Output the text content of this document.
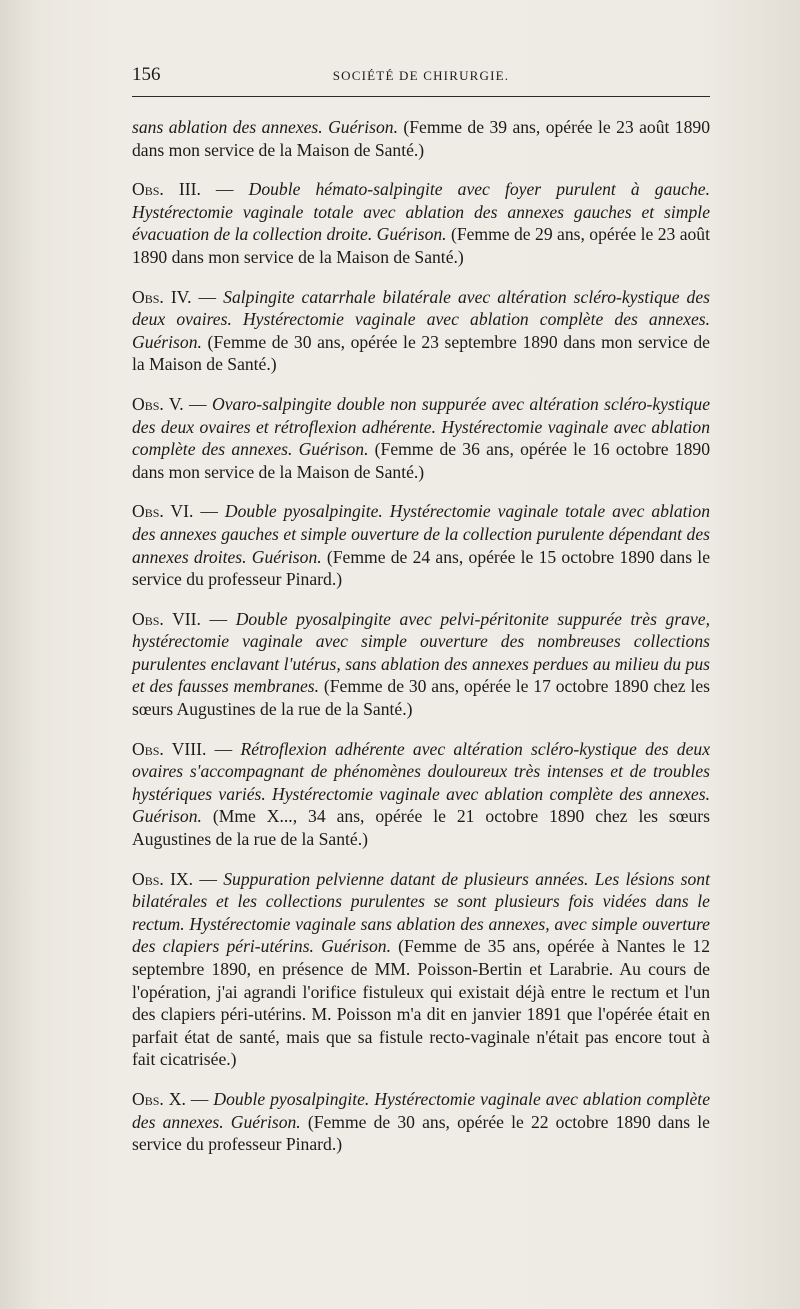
156	SOCIÉTÉ DE CHIRURGIE.

sans ablation des annexes. Guérison. (Femme de 39 ans, opérée le 23 août 1890 dans mon service de la Maison de Santé.)

Obs. III. — Double hémato-salpingite avec foyer purulent à gauche. Hystérectomie vaginale totale avec ablation des annexes gauches et simple évacuation de la collection droite. Guérison. (Femme de 29 ans, opérée le 23 août 1890 dans mon service de la Maison de Santé.)

Obs. IV. — Salpingite catarrhale bilatérale avec altération scléro-kystique des deux ovaires. Hystérectomie vaginale avec ablation complète des annexes. Guérison. (Femme de 30 ans, opérée le 23 septembre 1890 dans mon service de la Maison de Santé.)

Obs. V. — Ovaro-salpingite double non suppurée avec altération scléro-kystique des deux ovaires et rétroflexion adhérente. Hystérectomie vaginale avec ablation complète des annexes. Guérison. (Femme de 36 ans, opérée le 16 octobre 1890 dans mon service de la Maison de Santé.)

Obs. VI. — Double pyosalpingite. Hystérectomie vaginale totale avec ablation des annexes gauches et simple ouverture de la collection purulente dépendant des annexes droites. Guérison. (Femme de 24 ans, opérée le 15 octobre 1890 dans le service du professeur Pinard.)

Obs. VII. — Double pyosalpingite avec pelvi-péritonite suppurée très grave, hystérectomie vaginale avec simple ouverture des nombreuses collections purulentes enclavant l'utérus, sans ablation des annexes perdues au milieu du pus et des fausses membranes. (Femme de 30 ans, opérée le 17 octobre 1890 chez les sœurs Augustines de la rue de la Santé.)

Obs. VIII. — Rétroflexion adhérente avec altération scléro-kystique des deux ovaires s'accompagnant de phénomènes douloureux très intenses et de troubles hystériques variés. Hystérectomie vaginale avec ablation complète des annexes. Guérison. (Mme X..., 34 ans, opérée le 21 octobre 1890 chez les sœurs Augustines de la rue de la Santé.)

Obs. IX. — Suppuration pelvienne datant de plusieurs années. Les lésions sont bilatérales et les collections purulentes se sont plusieurs fois vidées dans le rectum. Hystérectomie vaginale sans ablation des annexes, avec simple ouverture des clapiers péri-utérins. Guérison. (Femme de 35 ans, opérée à Nantes le 12 septembre 1890, en présence de MM. Poisson-Bertin et Larabrie. Au cours de l'opération, j'ai agrandi l'orifice fistuleux qui existait déjà entre le rectum et l'un des clapiers péri-utérins. M. Poisson m'a dit en janvier 1891 que l'opérée était en parfait état de santé, mais que sa fistule recto-vaginale n'était pas encore tout à fait cicatrisée.)

Obs. X. — Double pyosalpingite. Hystérectomie vaginale avec ablation complète des annexes. Guérison. (Femme de 30 ans, opérée le 22 octobre 1890 dans le service du professeur Pinard.)
